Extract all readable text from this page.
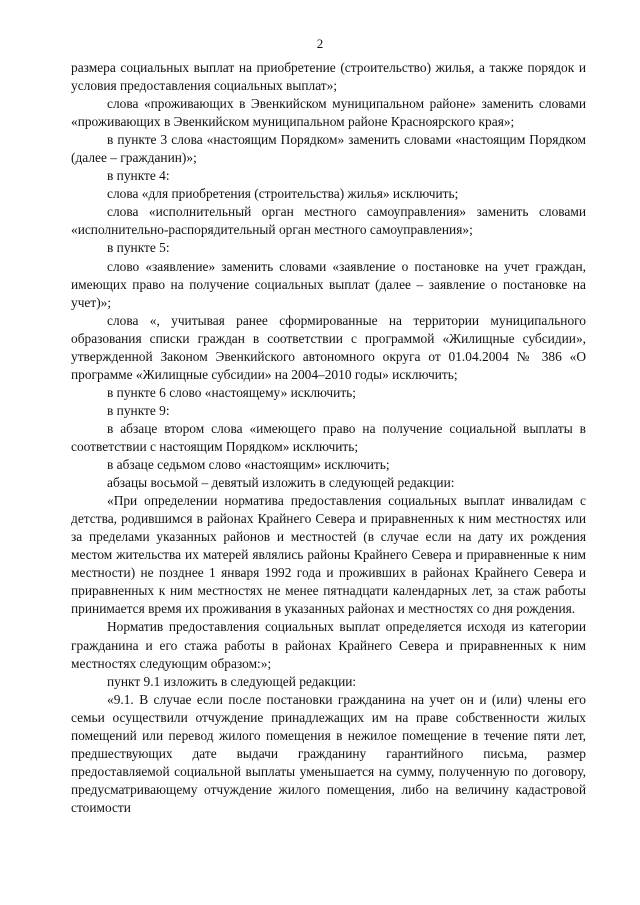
2

размера социальных выплат на приобретение (строительство) жилья, а также порядок и условия предоставления социальных выплат»;

слова «проживающих в Эвенкийском муниципальном районе» заменить словами «проживающих в Эвенкийском муниципальном районе Красноярского края»;

в пункте 3 слова «настоящим Порядком» заменить словами «настоящим Порядком (далее – гражданин)»;

в пункте 4:

слова «для приобретения (строительства) жилья» исключить;

слова «исполнительный орган местного самоуправления» заменить словами «исполнительно-распорядительный орган местного самоуправления»;

в пункте 5:

слово «заявление» заменить словами «заявление о постановке на учет граждан, имеющих право на получение социальных выплат (далее – заявление о постановке на учет)»;

слова «, учитывая ранее сформированные на территории муниципального образования списки граждан в соответствии с программой «Жилищные субсидии», утвержденной Законом Эвенкийского автономного округа от 01.04.2004 № 386 «О программе «Жилищные субсидии» на 2004–2010 годы» исключить;

в пункте 6 слово «настоящему» исключить;

в пункте 9:

в абзаце втором слова «имеющего право на получение социальной выплаты в соответствии с настоящим Порядком» исключить;

в абзаце седьмом слово «настоящим» исключить;

абзацы восьмой – девятый изложить в следующей редакции:

«При определении норматива предоставления социальных выплат инвалидам с детства, родившимся в районах Крайнего Севера и приравненных к ним местностях или за пределами указанных районов и местностей (в случае если на дату их рождения местом жительства их матерей являлись районы Крайнего Севера и приравненные к ним местности) не позднее 1 января 1992 года и проживших в районах Крайнего Севера и приравненных к ним местностях не менее пятнадцати календарных лет, за стаж работы принимается время их проживания в указанных районах и местностях со дня рождения.

Норматив предоставления социальных выплат определяется исходя из категории гражданина и его стажа работы в районах Крайнего Севера и приравненных к ним местностях следующим образом:»;

пункт 9.1 изложить в следующей редакции:

«9.1. В случае если после постановки гражданина на учет он и (или) члены его семьи осуществили отчуждение принадлежащих им на праве собственности жилых помещений или перевод жилого помещения в нежилое помещение в течение пяти лет, предшествующих дате выдачи гражданину гарантийного письма, размер предоставляемой социальной выплаты уменьшается на сумму, полученную по договору, предусматривающему отчуждение жилого помещения, либо на величину кадастровой стоимости
